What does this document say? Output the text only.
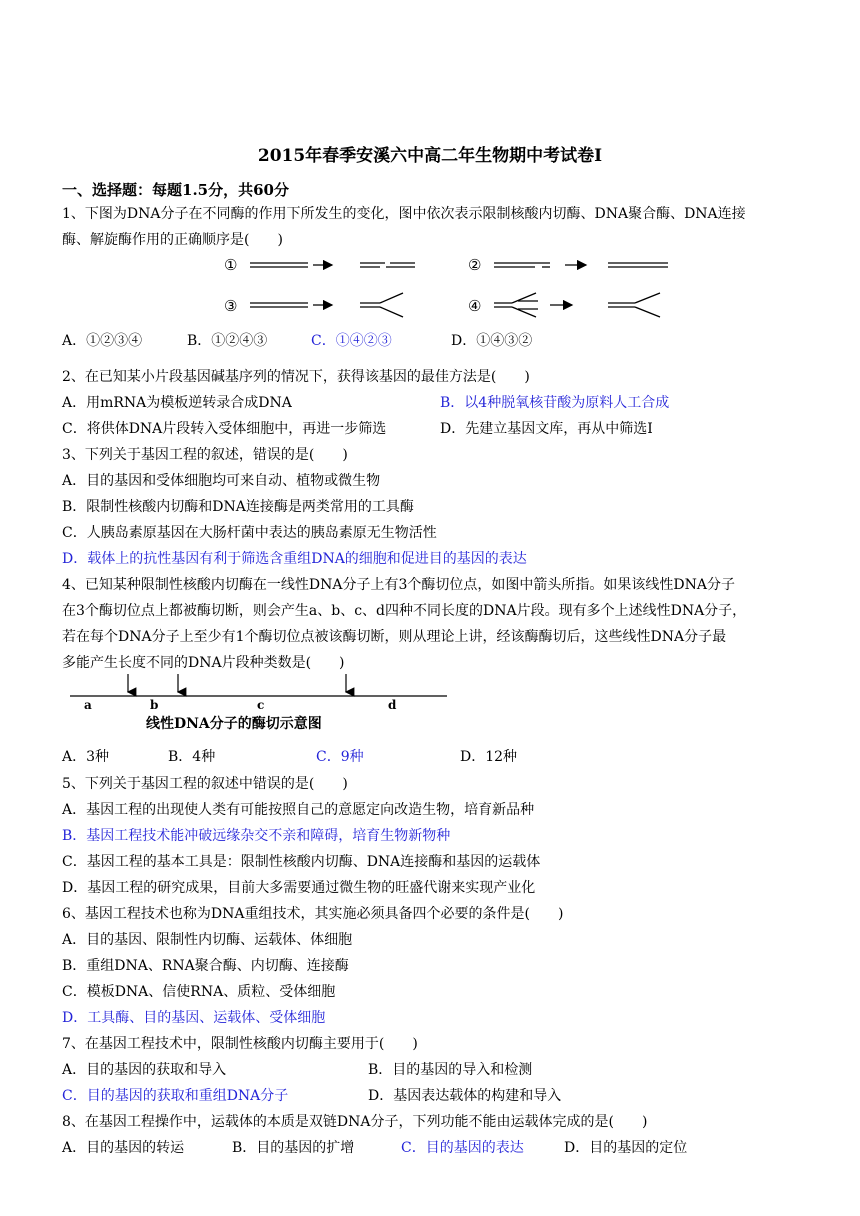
2015年春季安溪六中高二年生物期中考试卷Ⅰ
一、选择题：每题1.5分，共60分
1、下图为DNA分子在不同酶的作用下所发生的变化，图中依次表示限制核酸内切酶、DNA聚合酶、DNA连接
酶、解旋酶作用的正确顺序是(　　)
①	②
③	④
A．①②③④	B．①②④③	C．①④②③	D．①④③②
2、在已知某小片段基因碱基序列的情况下，获得该基因的最佳方法是(　　)
A．用mRNA为模板逆转录合成DNA	B．以4种脱氧核苷酸为原料人工合成
C．将供体DNA片段转入受体细胞中，再进一步筛选	D．先建立基因文库，再从中筛选Ⅰ
3、下列关于基因工程的叙述，错误的是(　　)
A．目的基因和受体细胞均可来自动、植物或微生物
B．限制性核酸内切酶和DNA连接酶是两类常用的工具酶
C．人胰岛素原基因在大肠杆菌中表达的胰岛素原无生物活性
D．载体上的抗性基因有利于筛选含重组DNA的细胞和促进目的基因的表达
4、已知某种限制性核酸内切酶在一线性DNA分子上有3个酶切位点，如图中箭头所指。如果该线性DNA分子
在3个酶切位点上都被酶切断，则会产生a、b、c、d四种不同长度的DNA片段。现有多个上述线性DNA分子，
若在每个DNA分子上至少有1个酶切位点被该酶切断，则从理论上讲，经该酶酶切后，这些线性DNA分子最
多能产生长度不同的DNA片段种类数是(　　)
a	b	c	d
线性DNA分子的酶切示意图
A．3种	B．4种	C．9种	D．12种
5、下列关于基因工程的叙述中错误的是(　　)
A．基因工程的出现使人类有可能按照自己的意愿定向改造生物，培育新品种
B．基因工程技术能冲破远缘杂交不亲和障碍，培育生物新物种
C．基因工程的基本工具是：限制性核酸内切酶、DNA连接酶和基因的运载体
D．基因工程的研究成果，目前大多需要通过微生物的旺盛代谢来实现产业化
6、基因工程技术也称为DNA重组技术，其实施必须具备四个必要的条件是(　　)
A．目的基因、限制性内切酶、运载体、体细胞
B．重组DNA、RNA聚合酶、内切酶、连接酶
C．模板DNA、信使RNA、质粒、受体细胞
D．工具酶、目的基因、运载体、受体细胞
7、在基因工程技术中，限制性核酸内切酶主要用于(　　)
A．目的基因的获取和导入	B．目的基因的导入和检测
C．目的基因的获取和重组DNA分子	D．基因表达载体的构建和导入
8、在基因工程操作中，运载体的本质是双链DNA分子，下列功能不能由运载体完成的是(　　)
A．目的基因的转运	B．目的基因的扩增	C．目的基因的表达	D．目的基因的定位
